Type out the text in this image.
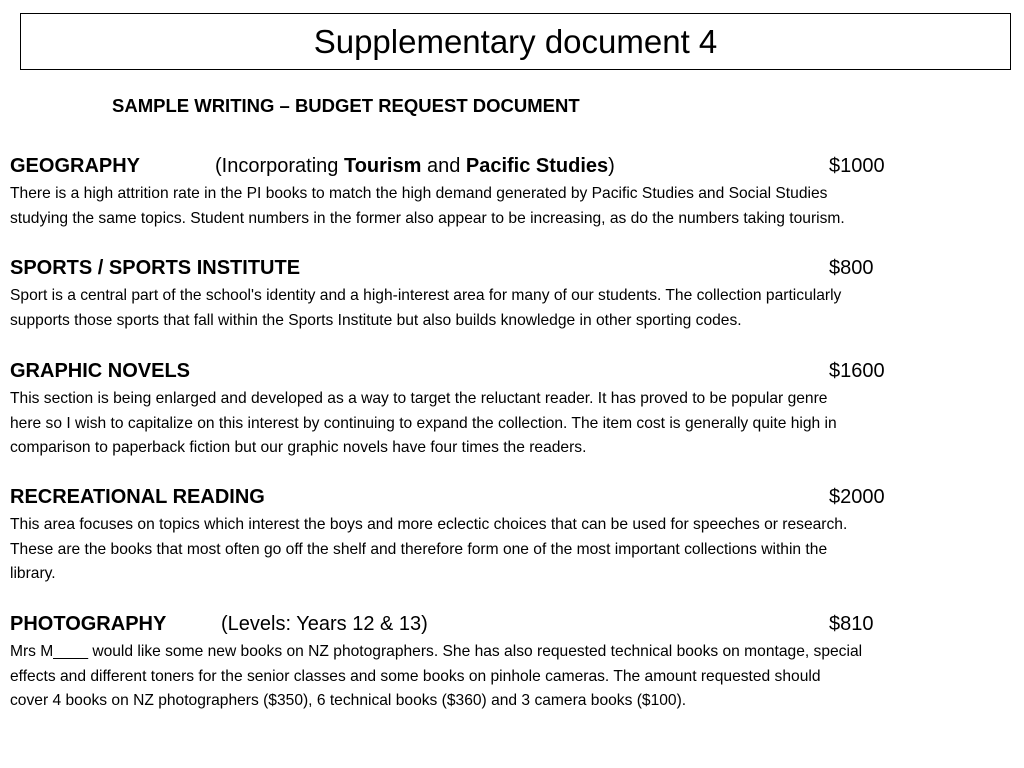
Supplementary document 4
SAMPLE WRITING – BUDGET REQUEST DOCUMENT
GEOGRAPHY	(Incorporating Tourism and Pacific Studies)	$1000
There is a high attrition rate in the PI books to match the high demand generated by Pacific Studies and Social Studies
studying the same topics. Student numbers in the former also appear to be increasing, as do the numbers taking tourism.
SPORTS / SPORTS INSTITUTE	$800
Sport is a central part of the school's identity and a high-interest area for many of our students. The collection particularly
supports those sports that fall within the Sports Institute but also builds knowledge in other sporting codes.
GRAPHIC NOVELS	$1600
This section is being enlarged and developed as a way to target the reluctant reader. It has proved to be popular genre
here so I wish to capitalize on this interest by continuing to expand the collection. The item cost is generally quite high in
comparison to paperback fiction but our graphic novels have four times the readers.
RECREATIONAL READING	$2000
This area focuses on topics which interest the boys and more eclectic choices that can be used for speeches or research.
These are the books that most often go off the shelf and therefore form one of the most important collections within the
library.
PHOTOGRAPHY	(Levels: Years 12 & 13)	$810
Mrs M____ would like some new books on NZ photographers. She has also requested technical books on montage, special
effects and different toners for the senior classes and some books on pinhole cameras. The amount requested should
cover 4 books on NZ photographers ($350), 6 technical books ($360) and 3 camera books ($100).
